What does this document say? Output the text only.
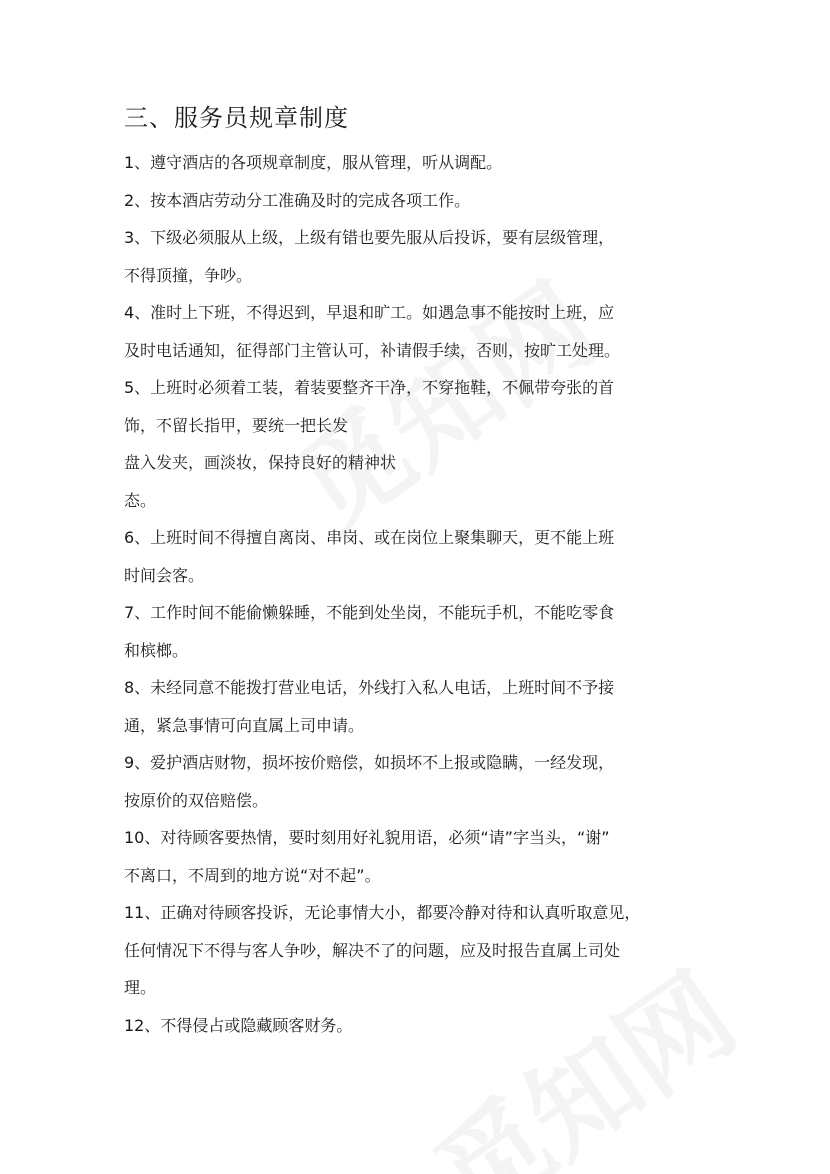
三、服务员规章制度
1、遵守酒店的各项规章制度，服从管理，听从调配。
2、按本酒店劳动分工准确及时的完成各项工作。
3、下级必须服从上级，上级有错也要先服从后投诉，要有层级管理，
不得顶撞，争吵。
4、准时上下班，不得迟到，早退和旷工。如遇急事不能按时上班，应
及时电话通知，征得部门主管认可，补请假手续，否则，按旷工处理。
5、上班时必须着工装，着装要整齐干净，不穿拖鞋，不佩带夸张的首
饰，不留长指甲，要统一把长发
盘入发夹，画淡妆，保持良好的精神状
态。
6、上班时间不得擅自离岗、串岗、或在岗位上聚集聊天，更不能上班
时间会客。
7、工作时间不能偷懒躲睡，不能到处坐岗，不能玩手机，不能吃零食
和槟榔。
8、未经同意不能拨打营业电话，外线打入私人电话，上班时间不予接
通，紧急事情可向直属上司申请。
9、爱护酒店财物，损坏按价赔偿，如损坏不上报或隐瞒，一经发现，
按原价的双倍赔偿。
10、对待顾客要热情，要时刻用好礼貌用语，必须“请”字当头，“谢”
不离口，不周到的地方说“对不起”。
11、正确对待顾客投诉，无论事情大小，都要冷静对待和认真听取意见，
任何情况下不得与客人争吵，解决不了的问题，应及时报告直属上司处
理。
12、不得侵占或隐藏顾客财务。
